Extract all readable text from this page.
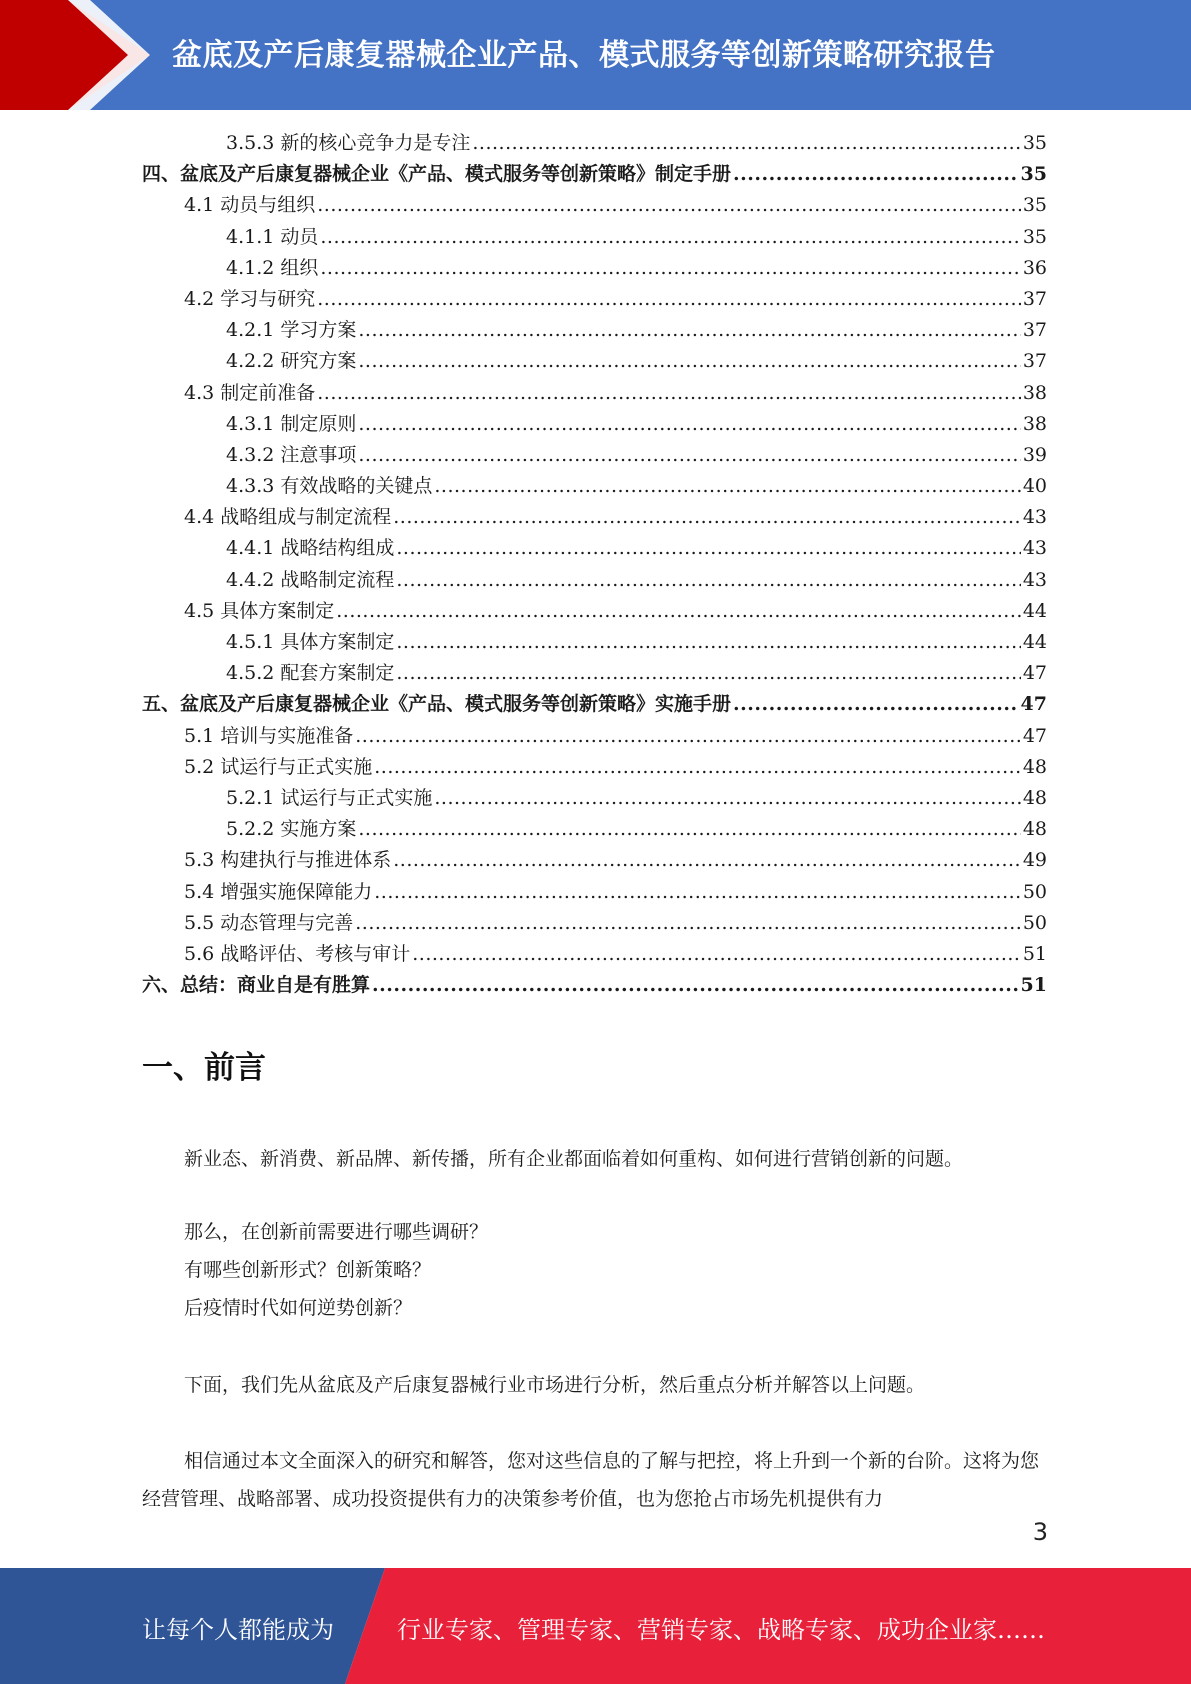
盆底及产后康复器械企业产品、模式服务等创新策略研究报告
3.5.3 新的核心竞争力是专注 .....	35
四、盆底及产后康复器械企业《产品、模式服务等创新策略》制定手册 .....	35
4.1 动员与组织 .....	35
4.1.1 动员 .....	35
4.1.2 组织 .....	36
4.2 学习与研究 .....	37
4.2.1 学习方案 .....	37
4.2.2 研究方案 .....	37
4.3 制定前准备 .....	38
4.3.1 制定原则 .....	38
4.3.2 注意事项 .....	39
4.3.3 有效战略的关键点 .....	40
4.4 战略组成与制定流程 .....	43
4.4.1 战略结构组成 .....	43
4.4.2 战略制定流程 .....	43
4.5 具体方案制定 .....	44
4.5.1 具体方案制定 .....	44
4.5.2 配套方案制定 .....	47
五、盆底及产后康复器械企业《产品、模式服务等创新策略》实施手册 .....	47
5.1 培训与实施准备 .....	47
5.2 试运行与正式实施 .....	48
5.2.1 试运行与正式实施 .....	48
5.2.2 实施方案 .....	48
5.3 构建执行与推进体系 .....	49
5.4 增强实施保障能力 .....	50
5.5 动态管理与完善 .....	50
5.6 战略评估、考核与审计 .....	51
六、总结：商业自是有胜算 .....	51
一、前言
新业态、新消费、新品牌、新传播，所有企业都面临着如何重构、如何进行营销创新的问题。
那么，在创新前需要进行哪些调研？
有哪些创新形式？创新策略？
后疫情时代如何逆势创新？
下面，我们先从盆底及产后康复器械行业市场进行分析，然后重点分析并解答以上问题。
相信通过本文全面深入的研究和解答，您对这些信息的了解与把控，将上升到一个新的台阶。这将为您经营管理、战略部署、成功投资提供有力的决策参考价值，也为您抢占市场先机提供有力
3
让每个人都能成为	行业专家、管理专家、营销专家、战略专家、成功企业家……
